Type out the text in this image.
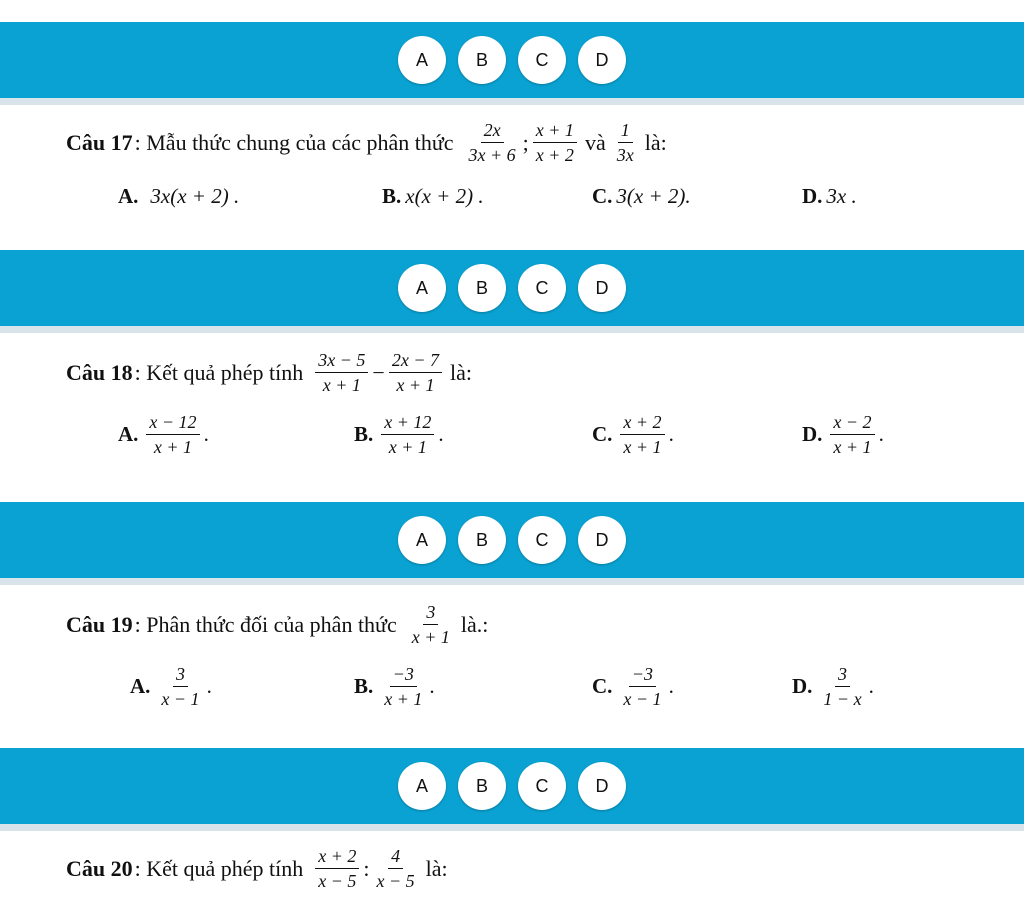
A	B	C	D
Câu 17 : Mẫu thức chung của các phân thức $\frac{2x}{3x + 6}$ ; $\frac{x + 1}{x + 2}$ và $\frac{1}{3x}$ là:
A. 3x(x + 2) .	B. x(x + 2) .	C. 3(x + 2).	D. 3x .
A	B	C	D
Câu 18 : Kết quả phép tính $\frac{3x - 5}{x + 1} - \frac{2x - 7}{x + 1}$ là:
A. $\frac{x - 12}{x + 1}$ .	B. $\frac{x + 12}{x + 1}$ .	C. $\frac{x + 2}{x + 1}$ .	D. $\frac{x - 2}{x + 1}$ .
A	B	C	D
Câu 19 : Phân thức đối của phân thức $\frac{3}{x + 1}$ là.:
A. $\frac{3}{x - 1}$ .	B. $\frac{-3}{x + 1}$ .	C. $\frac{-3}{x - 1}$ .	D. $\frac{3}{1 - x}$ .
A	B	C	D
Câu 20 : Kết quả phép tính $\frac{x + 2}{x - 5}$ : $\frac{4}{x - 5}$ là:
